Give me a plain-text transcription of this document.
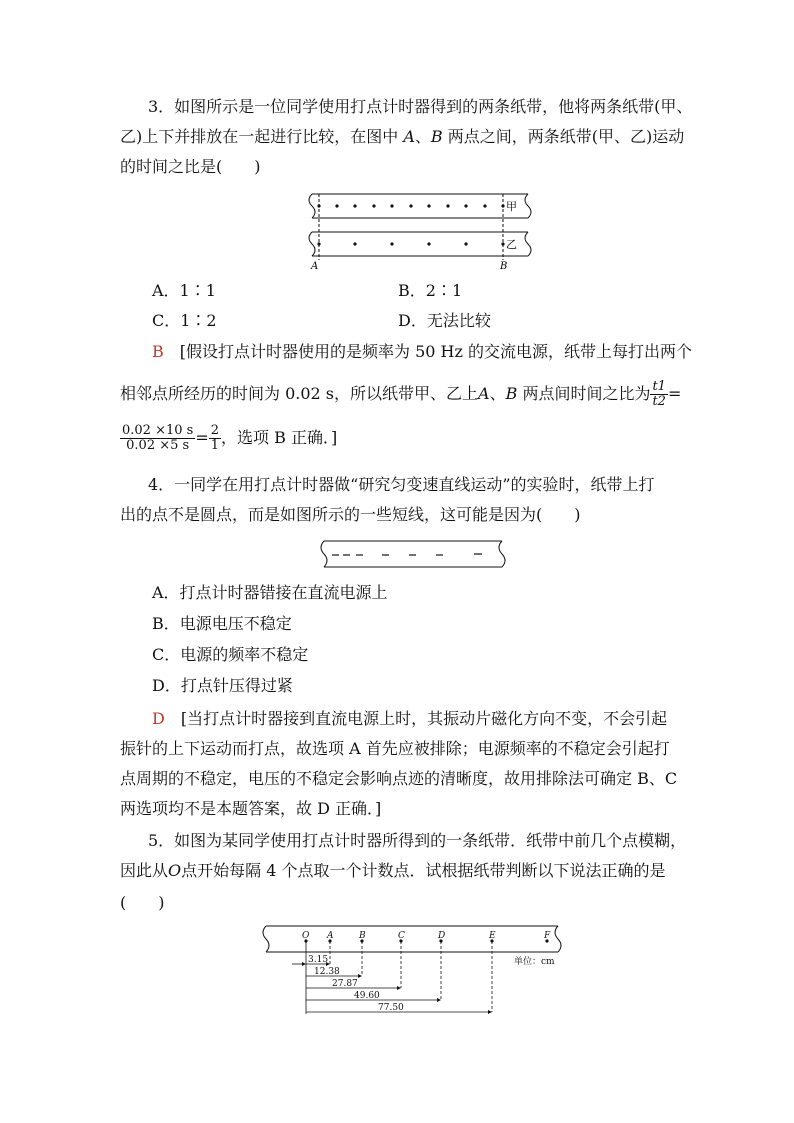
3．如图所示是一位同学使用打点计时器得到的两条纸带，他将两条纸带(甲、
乙)上下并排放在一起进行比较，在图中 A、B 两点之间，两条纸带(甲、乙)运动
的时间之比是(　　)
甲
乙
A	B
A．1∶1	B．2∶1
C．1∶2	D．无法比较
B　 [假设打点计时器使用的是频率为 50 Hz 的交流电源，纸带上每打出两个
相邻点所经历的时间为 0.02 s，所以纸带甲、乙上A、B 两点间时间之比为 $\frac{t1}{t2}$ =
$\frac{0.02 \times 10 s}{0.02 \times 5 s} = \frac{2}{1}$ ，选项 B 正确．]
4．一同学在用打点计时器做“研究匀变速直线运动”的实验时，纸带上打
出的点不是圆点，而是如图所示的一些短线，这可能是因为(　　)
A．打点计时器错接在直流电源上
B．电源电压不稳定
C．电源的频率不稳定
D．打点针压得过紧
D　 [当打点计时器接到直流电源上时，其振动片磁化方向不变，不会引起
振针的上下运动而打点，故选项 A 首先应被排除；电源频率的不稳定会引起打
点周期的不稳定，电压的不稳定会影响点迹的清晰度，故用排除法可确定 B、C
两选项均不是本题答案，故 D 正确．]
5．如图为某同学使用打点计时器所得到的一条纸带．纸带中前几个点模糊，
因此从O点开始每隔 4 个点取一个计数点．试根据纸带判断以下说法正确的是
(　　)
O A	B	C	D	E	F
3.15
12.38
27.87
49.60
77.50
单位：cm
